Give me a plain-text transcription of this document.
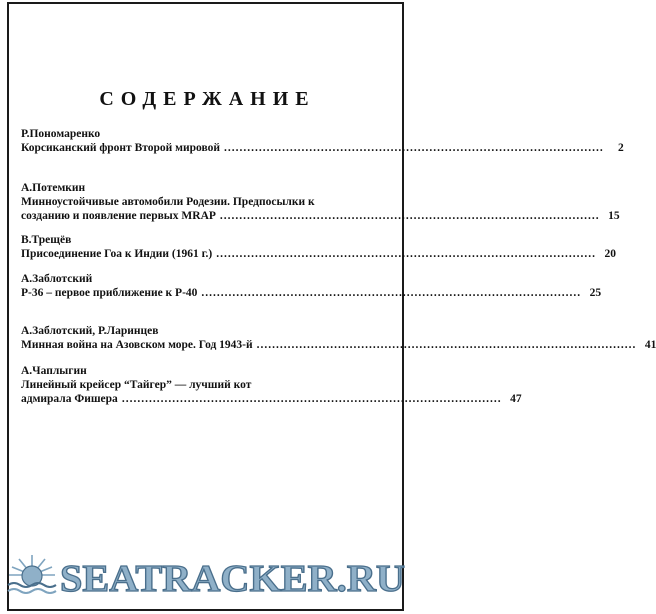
СОДЕРЖАНИЕ
Р.Пономаренко
Корсиканский фронт Второй мировой ..................................................................................................	2
А.Потемкин
Минноустойчивые автомобили Родезии. Предпосылки к
созданию и появление первых MRAP .................................................................................................. 15
В.Трещёв
Присоединение Гоа к Индии (1961 г.) .................................................................................................. 20
А.Заблотский
Р-36 – первое приближение к Р-40 .................................................................................................. 25
А.Заблотский, Р.Ларинцев
Минная война на Азовском море. Год 1943-й .................................................................................................. 41
А.Чаплыгин
Линейный крейсер “Тайгер” — лучший кот
адмирала Фишера .................................................................................................. 47
SEATRACKER.RU
